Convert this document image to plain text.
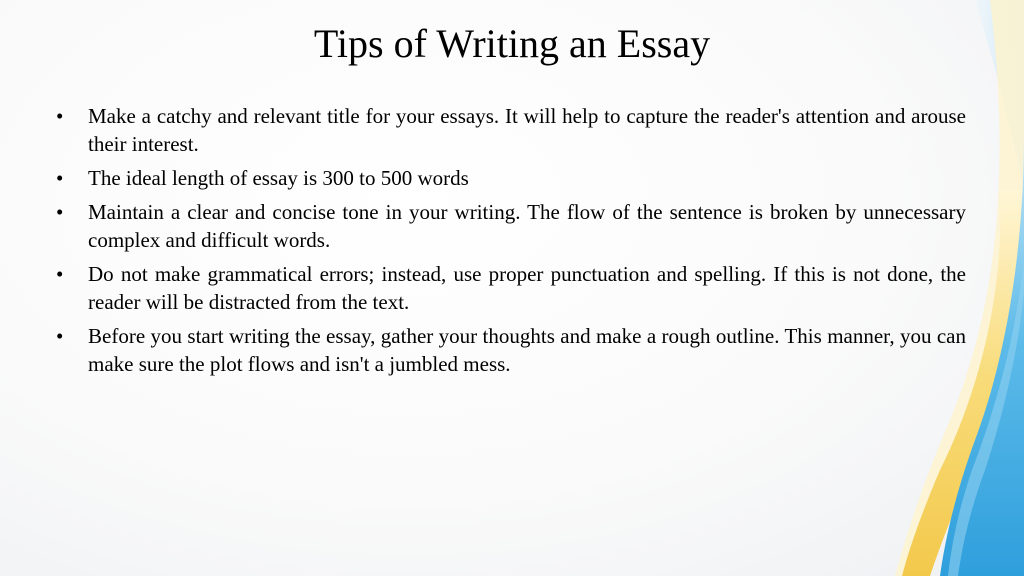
Tips of Writing an Essay
•	Make a catchy and relevant title for your essays. It will help to capture the reader's attention and arouse their interest.
•	The ideal length of essay is 300 to 500 words
•	Maintain a clear and concise tone in your writing. The flow of the sentence is broken by unnecessary complex and difficult words.
•	Do not make grammatical errors; instead, use proper punctuation and spelling. If this is not done, the reader will be distracted from the text.
•	Before you start writing the essay, gather your thoughts and make a rough outline. This manner, you can make sure the plot flows and isn't a jumbled mess.
